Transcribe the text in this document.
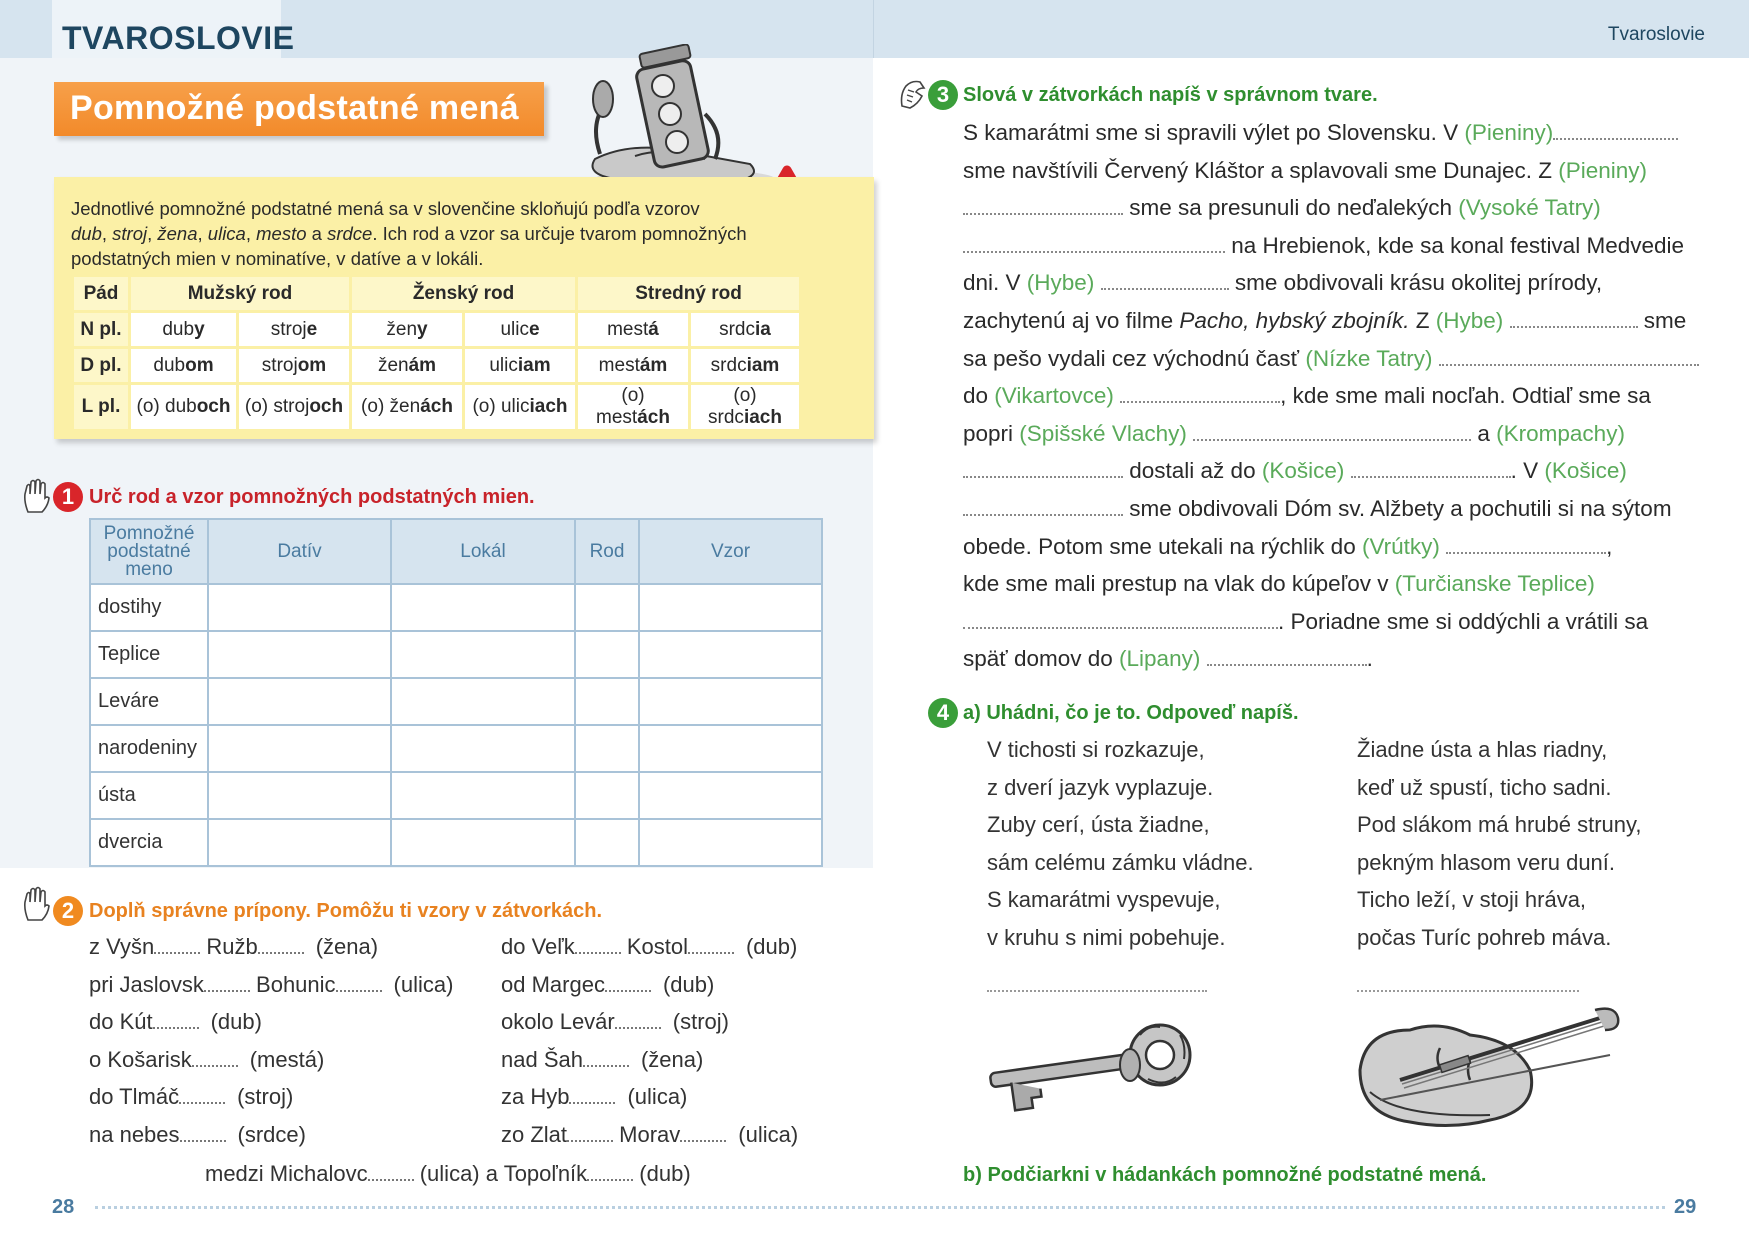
TVAROSLOVIE	Tvaroslovie
Pomnožné podstatné mená
Jednotlivé pomnožné podstatné mená sa v slovenčine skloňujú podľa vzorov
dub, stroj, žena, ulica, mesto a srdce. Ich rod a vzor sa určuje tvarom pomnožných
podstatných mien v nominatíve, v datíve a v lokáli.
Pád	Mužský rod		Ženský rod		Stredný rod	
N pl.	duby	stroje	ženy	ulice	mestá	srdcia
D pl.	dubom	strojom	ženám	uliciam	mestám	srdciam
L pl.	(o) duboch	(o) strojoch	(o) ženách	(o) uliciach	(o) mestách	(o) srdciach
1 Urč rod a vzor pomnožných podstatných mien.
Pomnožné podstatné meno	Datív	Lokál	Rod	Vzor
dostihy				
Teplice				
Leváre				
narodeniny				
ústa				
dvercia				
2 Doplň správne prípony. Pomôžu ti vzory v zátvorkách.
z Vyšn Ružb	(žena)
pri Jaslovsk Bohunic	(ulica)
do Kút	(dub)
o Košarisk	(mestá)
do Tlmáč	(stroj)
na nebes	(srdce)
do Veľk Kostol	(dub)
od Margec	(dub)
okolo Levár	(stroj)
nad Šah	(žena)
za Hyb	(ulica)
zo Zlat Morav	(ulica)
medzi Michalovc (ulica) a Topoľník (dub)
3 Slová v zátvorkách napíš v správnom tvare.
S kamarátmi sme si spravili výlet po Slovensku. V (Pieniny)
sme navštívili Červený Kláštor a splavovali sme Dunajec. Z (Pieniny)
sme sa presunuli do neďalekých (Vysoké Tatry)
na Hrebienok, kde sa konal festival Medvedie
dni. V (Hybe)	sme obdivovali krásu okolitej prírody,
zachytenú aj vo filme Pacho, hybský zbojník. Z (Hybe)	sme
sa pešo vydali cez východnú časť (Nízke Tatry)
do (Vikartovce)	, kde sme mali nocľah. Odtiaľ sme sa
popri (Spišské Vlachy)	a (Krompachy)
dostali až do (Košice)	. V (Košice)
sme obdivovali Dóm sv. Alžbety a pochutili si na sýtom
obede. Potom sme utekali na rýchlik do (Vrútky)	,
kde sme mali prestup na vlak do kúpeľov v (Turčianske Teplice)
. Poriadne sme si oddýchli a vrátili sa
späť domov do (Lipany)	.
4 a) Uhádni, čo je to. Odpoveď napíš.
V tichosti si rozkazuje,
z dverí jazyk vyplazuje.
Zuby cerí, ústa žiadne,
sám celému zámku vládne.
S kamarátmi vyspevuje,
v kruhu s nimi pobehuje.
Žiadne ústa a hlas riadny,
keď už spustí, ticho sadni.
Pod slákom má hrubé struny,
pekným hlasom veru duní.
Ticho leží, v stoji hráva,
počas Turíc pohreb máva.
b) Podčiarkni v hádankách pomnožné podstatné mená.
28	29
